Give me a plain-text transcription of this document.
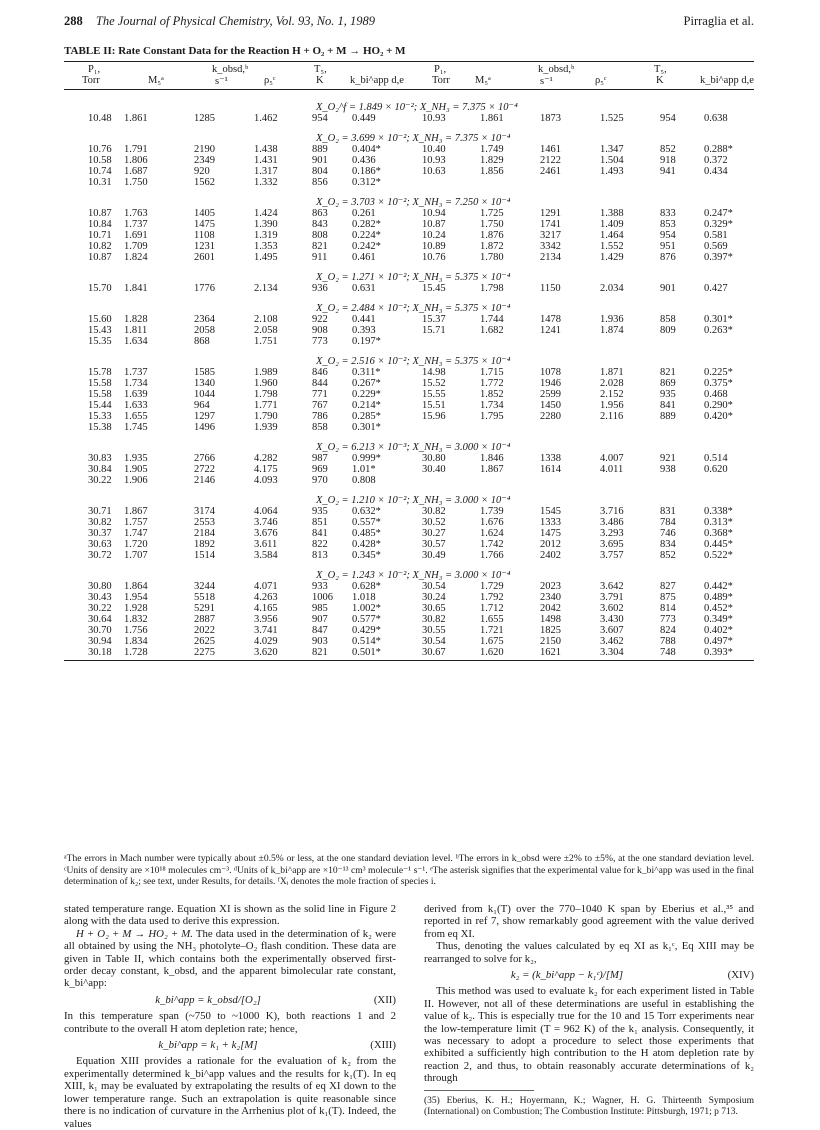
288 The Journal of Physical Chemistry, Vol. 93, No. 1, 1989	Pirraglia et al.
TABLE II: Rate Constant Data for the Reaction H + O₂ + M → HO₂ + M
P₁,	k_obsd,ᵇ	T₅,	P₁,	k_obsd,ᵇ	T₅,
Torr	M₅ᵃ	s⁻¹	ρ₅ᶜ	K	k_bi^app d,e	Torr M₅ᵃ	s⁻¹	ρ₅ᶜ	K	k_bi^app d,e
X_O₂^f = 1.849 × 10⁻²; X_NH₃ = 7.375 × 10⁻⁴											
10.48	1.861	1285	1.462	954	0.449	10.93	1.861	1873	1.525	954	0.638

X_O₂ = 3.699 × 10⁻²; X_NH₃ = 7.375 × 10⁻⁴											
10.76	1.791	2190	1.438	889	0.404*	10.40	1.749	1461	1.347	852	0.288*
10.58	1.806	2349	1.431	901	0.436	10.93	1.829	2122	1.504	918	0.372
10.74	1.687	920	1.317	804	0.186*	10.63	1.856	2461	1.493	941	0.434
10.31	1.750	1562	1.332	856	0.312*						

X_O₂ = 3.703 × 10⁻²; X_NH₃ = 7.250 × 10⁻⁴											
10.87	1.763	1405	1.424	863	0.261	10.94	1.725	1291	1.388	833	0.247*
10.84	1.737	1475	1.390	843	0.282*	10.87	1.750	1741	1.409	853	0.329*
10.71	1.691	1108	1.319	808	0.224*	10.24	1.876	3217	1.464	954	0.581
10.82	1.709	1231	1.353	821	0.242*	10.89	1.872	3342	1.552	951	0.569
10.87	1.824	2601	1.495	911	0.461	10.76	1.780	2134	1.429	876	0.397*

X_O₂ = 1.271 × 10⁻²; X_NH₃ = 5.375 × 10⁻⁴											
15.70	1.841	1776	2.134	936	0.631	15.45	1.798	1150	2.034	901	0.427

X_O₂ = 2.484 × 10⁻²; X_NH₃ = 5.375 × 10⁻⁴											
15.60	1.828	2364	2.108	922	0.441	15.37	1.744	1478	1.936	858	0.301*
15.43	1.811	2058	2.058	908	0.393	15.71	1.682	1241	1.874	809	0.263*
15.35	1.634	868	1.751	773	0.197*						

X_O₂ = 2.516 × 10⁻²; X_NH₃ = 5.375 × 10⁻⁴											
15.78	1.737	1585	1.989	846	0.311*	14.98	1.715	1078	1.871	821	0.225*
15.58	1.734	1340	1.960	844	0.267*	15.52	1.772	1946	2.028	869	0.375*
15.58	1.639	1044	1.798	771	0.229*	15.55	1.852	2599	2.152	935	0.468
15.44	1.633	964	1.771	767	0.214*	15.51	1.734	1450	1.956	841	0.290*
15.33	1.655	1297	1.790	786	0.285*	15.96	1.795	2280	2.116	889	0.420*
15.38	1.745	1496	1.939	858	0.301*						

X_O₂ = 6.213 × 10⁻³; X_NH₃ = 3.000 × 10⁻⁴											
30.83	1.935	2766	4.282	987	0.999*	30.80	1.846	1338	4.007	921	0.514
30.84	1.905	2722	4.175	969	1.01*	30.40	1.867	1614	4.011	938	0.620
30.22	1.906	2146	4.093	970	0.808						

X_O₂ = 1.210 × 10⁻²; X_NH₃ = 3.000 × 10⁻⁴											
30.71	1.867	3174	4.064	935	0.632*	30.82	1.739	1545	3.716	831	0.338*
30.82	1.757	2553	3.746	851	0.557*	30.52	1.676	1333	3.486	784	0.313*
30.37	1.747	2184	3.676	841	0.485*	30.27	1.624	1475	3.293	746	0.368*
30.63	1.720	1892	3.611	822	0.428*	30.57	1.742	2012	3.695	834	0.445*
30.72	1.707	1514	3.584	813	0.345*	30.49	1.766	2402	3.757	852	0.522*

X_O₂ = 1.243 × 10⁻²; X_NH₃ = 3.000 × 10⁻⁴											
30.80	1.864	3244	4.071	933	0.628*	30.54	1.729	2023	3.642	827	0.442*
30.43	1.954	5518	4.263	1006	1.018	30.24	1.792	2340	3.791	875	0.489*
30.22	1.928	5291	4.165	985	1.002*	30.65	1.712	2042	3.602	814	0.452*
30.64	1.832	2887	3.956	907	0.577*	30.82	1.655	1498	3.430	773	0.349*
30.70	1.756	2022	3.741	847	0.429*	30.55	1.721	1825	3.607	824	0.402*
30.94	1.834	2625	4.029	903	0.514*	30.54	1.675	2150	3.462	788	0.497*
30.18	1.728	2275	3.620	821	0.501*	30.67	1.620	1621	3.304	748	0.393*
ᵃThe errors in Mach number were typically about ±0.5% or less, at the one standard deviation level. ᵇThe errors in k_obsd were ±2% to ±5%, at the one standard deviation level. ᶜUnits of density are ×10¹⁸ molecules cm⁻³. ᵈUnits of k_bi^app are ×10⁻¹³ cm³ molecule⁻¹ s⁻¹. ᵉThe asterisk signifies that the experimental value for k_bi^app was used in the final determination of k₂; see text, under Results, for details. ᶠXᵢ denotes the mole fraction of species i.

stated temperature range. Equation XI is shown as the solid line in Figure 2 along with the data used to derive this expression.

H + O₂ + M → HO₂ + M. The data used in the determination of k₂ were all obtained by using the NH₃ photolyte–O₂ flash condition. These data are given in Table II, which contains both the experimentally observed first-order decay constant, k_obsd, and the apparent bimolecular rate constant, k_bi^app:

k_bi^app = k_obsd/[O₂]	(XII)

In this temperature span (~750 to ~1000 K), both reactions 1 and 2 contribute to the overall H atom depletion rate; hence,

k_bi^app = k₁ + k₂[M]	(XIII)

Equation XIII provides a rationale for the evaluation of k₂ from the experimentally determined k_bi^app values and the results for k₁(T). In eq XIII, k₁ may be evaluated by extrapolating the results of eq XI down to the lower temperature range. Such an extrapolation is quite reasonable since there is no indication of curvature in the Arrhenius plot of k₁(T). Indeed, the values

derived from k₁(T) over the 770–1040 K span by Eberius et al.,³⁵ and reported in ref 7, show remarkably good agreement with the value derived from eq XI.

Thus, denoting the values calculated by eq XI as k₁ᶜ, Eq XIII may be rearranged to solve for k₂,

k₂ = (k_bi^app − k₁ᶜ)/[M]	(XIV)

This method was used to evaluate k₂ for each experiment listed in Table II. However, not all of these determinations are useful in establishing the value of k₂. This is especially true for the 10 and 15 Torr experiments near the low-temperature limit (T = 962 K) of the k₁ analysis. Consequently, it was necessary to adopt a procedure to select those experiments that exhibited a sufficiently high contribution to the H atom depletion rate by reaction 2, and thus, to obtain reasonably accurate determinations of k₂ through

(35) Eberius, K. H.; Hoyermann, K.; Wagner, H. G. Thirteenth Symposium (International) on Combustion; The Combustion Institute: Pittsburgh, 1971; p 713.
